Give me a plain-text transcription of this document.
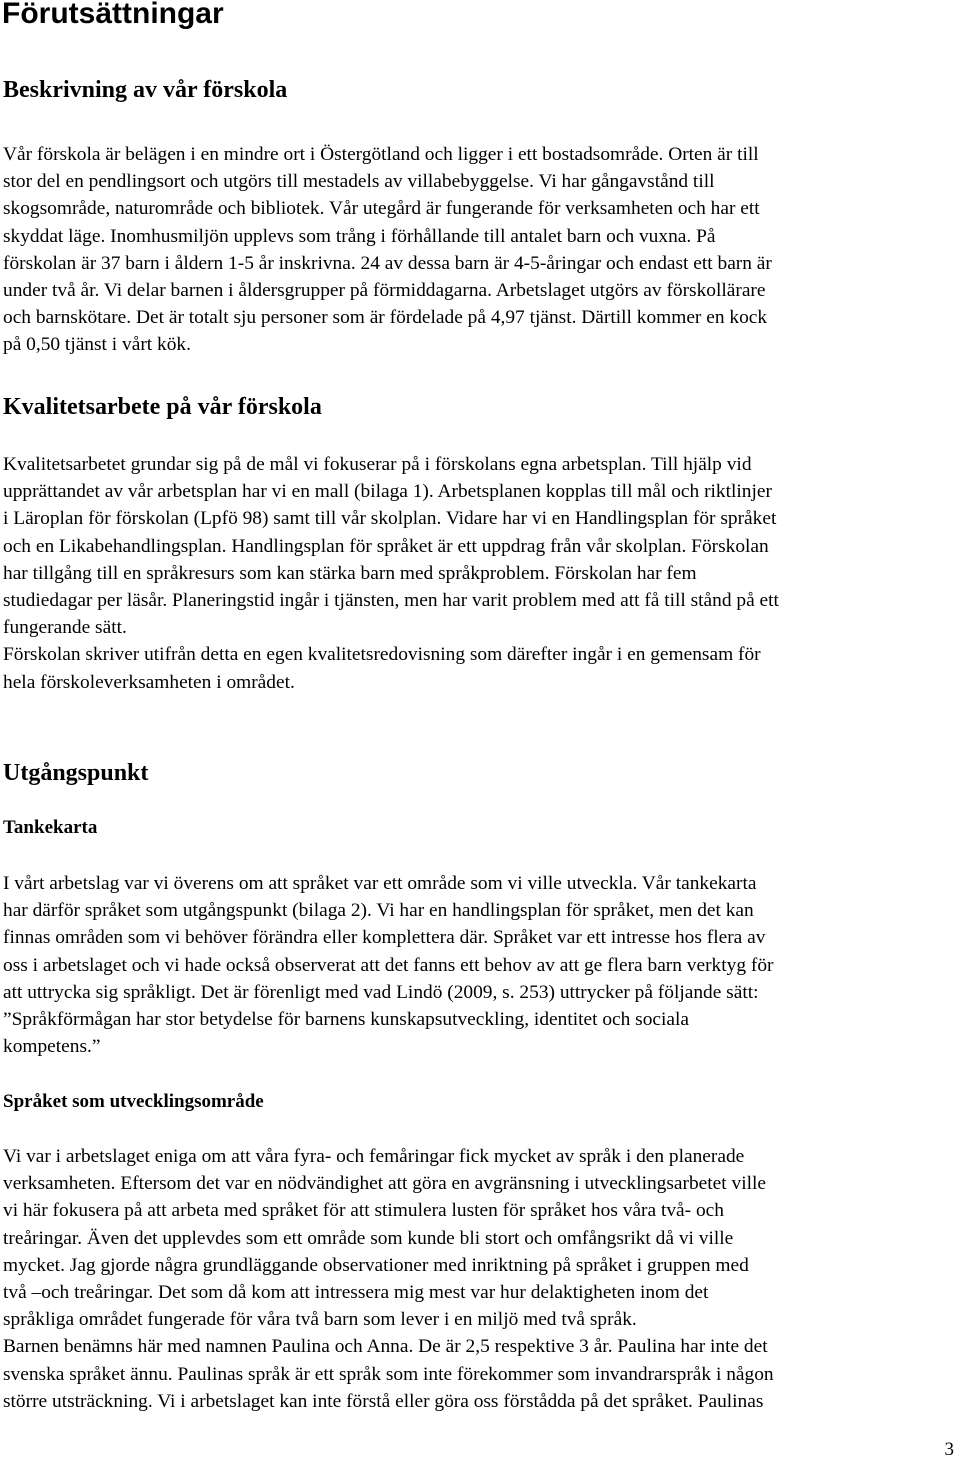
Förutsättningar
Beskrivning av vår förskola
Vår förskola är belägen i en mindre ort i Östergötland och ligger i ett bostadsområde. Orten är till
stor del en pendlingsort och utgörs till mestadels av villabebyggelse. Vi har gångavstånd till
skogsområde, naturområde och bibliotek. Vår utegård är fungerande för verksamheten och har ett
skyddat läge. Inomhusmiljön upplevs som trång i förhållande till antalet barn och vuxna. På
förskolan är 37 barn i åldern 1-5 år inskrivna. 24 av dessa barn är 4-5-åringar och endast ett barn är
under två år. Vi delar barnen i åldersgrupper på förmiddagarna. Arbetslaget utgörs av förskollärare
och barnskötare. Det är totalt sju personer som är fördelade på 4,97 tjänst. Därtill kommer en kock
på 0,50 tjänst i vårt kök.
Kvalitetsarbete på vår förskola
Kvalitetsarbetet grundar sig på de mål vi fokuserar på i förskolans egna arbetsplan. Till hjälp vid
upprättandet av vår arbetsplan har vi en mall (bilaga 1). Arbetsplanen kopplas till mål och riktlinjer
i Läroplan för förskolan (Lpfö 98) samt till vår skolplan. Vidare har vi en Handlingsplan för språket
och en Likabehandlingsplan. Handlingsplan för språket är ett uppdrag från vår skolplan. Förskolan
har tillgång till en språkresurs som kan stärka barn med språkproblem. Förskolan har fem
studiedagar per läsår. Planeringstid ingår i tjänsten, men har varit problem med att få till stånd på ett
fungerande sätt.
Förskolan skriver utifrån detta en egen kvalitetsredovisning som därefter ingår i en gemensam för
hela förskoleverksamheten i området.
Utgångspunkt
Tankekarta
I vårt arbetslag var vi överens om att språket var ett område som vi ville utveckla. Vår tankekarta
har därför språket som utgångspunkt (bilaga 2). Vi har en handlingsplan för språket, men det kan
finnas områden som vi behöver förändra eller komplettera där. Språket var ett intresse hos flera av
oss i arbetslaget och vi hade också observerat att det fanns ett behov av att ge flera barn verktyg för
att uttrycka sig språkligt. Det är förenligt med vad Lindö (2009, s. 253) uttrycker på följande sätt:
”Språkförmågan har stor betydelse för barnens kunskapsutveckling, identitet och sociala
kompetens.”
Språket som utvecklingsområde
Vi var i arbetslaget eniga om att våra fyra- och femåringar fick mycket av språk i den planerade
verksamheten. Eftersom det var en nödvändighet att göra en avgränsning i utvecklingsarbetet ville
vi här fokusera på att arbeta med språket för att stimulera lusten för språket hos våra två- och
treåringar. Även det upplevdes som ett område som kunde bli stort och omfångsrikt då vi ville
mycket. Jag gjorde några grundläggande observationer med inriktning på språket i gruppen med
två –och treåringar. Det som då kom att intressera mig mest var hur delaktigheten inom det
språkliga området fungerade för våra två barn som lever i en miljö med två språk.
Barnen benämns här med namnen Paulina och Anna. De är 2,5 respektive 3 år. Paulina har inte det
svenska språket ännu. Paulinas språk är ett språk som inte förekommer som invandrarspråk i någon
större utsträckning. Vi i arbetslaget kan inte förstå eller göra oss förstådda på det språket. Paulinas
3
